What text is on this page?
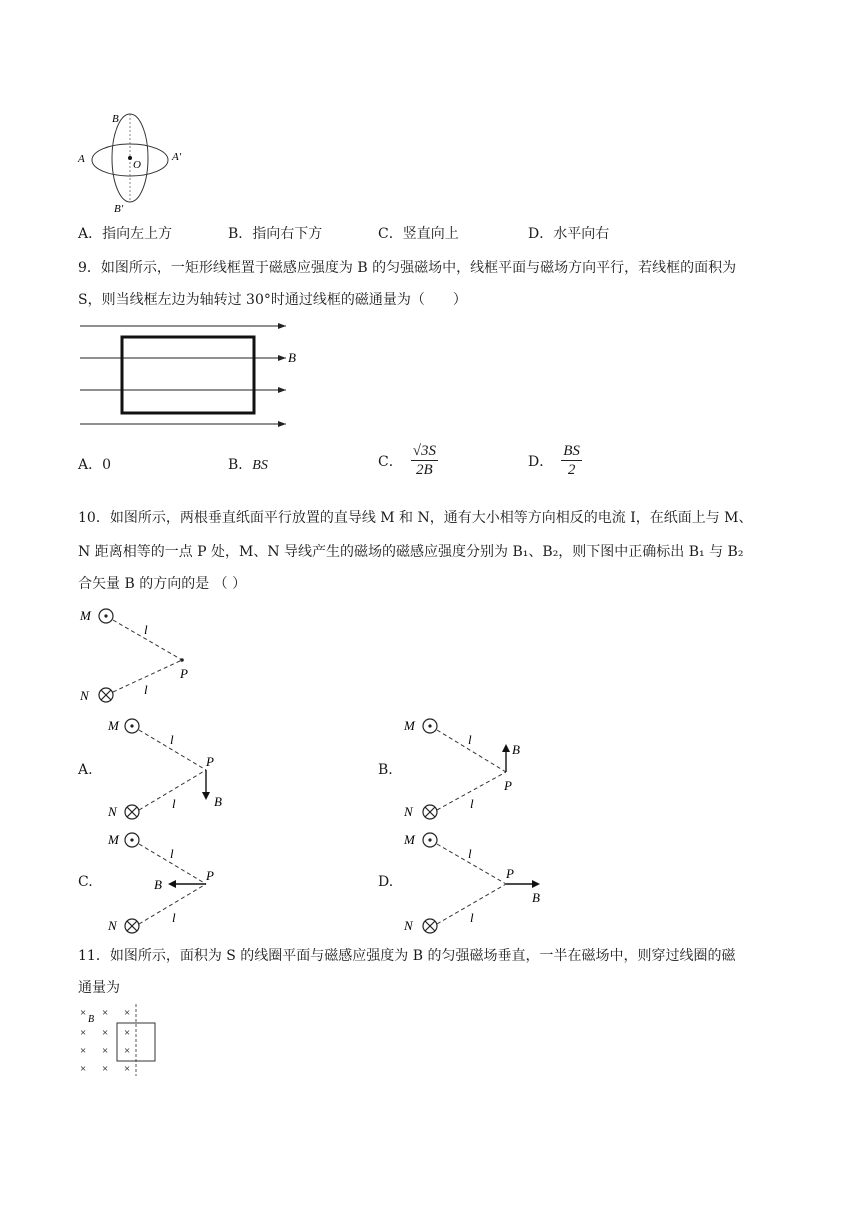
B
A	O
A′
B′
A．指向左上方	B．指向右下方	C．竖直向上	D．水平向右
9．如图所示，一矩形线框置于磁感应强度为 B 的匀强磁场中，线框平面与磁场方向平行，若线框的面积为
S，则当线框左边为轴转过 30°时通过线框的磁通量为（　　）
B
A．0	B．BS	C． $\frac{√3S}{2B}$	D． $\frac{BS}{2}$
10．如图所示，两根垂直纸面平行放置的直导线 M 和 N，通有大小相等方向相反的电流 I，在纸面上与 M、
N 距离相等的一点 P 处，M、N 导线产生的磁场的磁感应强度分别为 B₁、B₂，则下图中正确标出 B₁ 与 B₂
合矢量 B 的方向的是 （ ）
M
l
l
P
N
A.
M
l
l
P
B
N
B.
M
l
l
B
P
N
C.
M
l
l
P
B
N
D.
M
l
l
P
B
N
11．如图所示，面积为 S 的线圈平面与磁感应强度为 B 的匀强磁场垂直，一半在磁场中，则穿过线圈的磁
通量为
×
B
× ×
× × ×
× × ×
× × ×
